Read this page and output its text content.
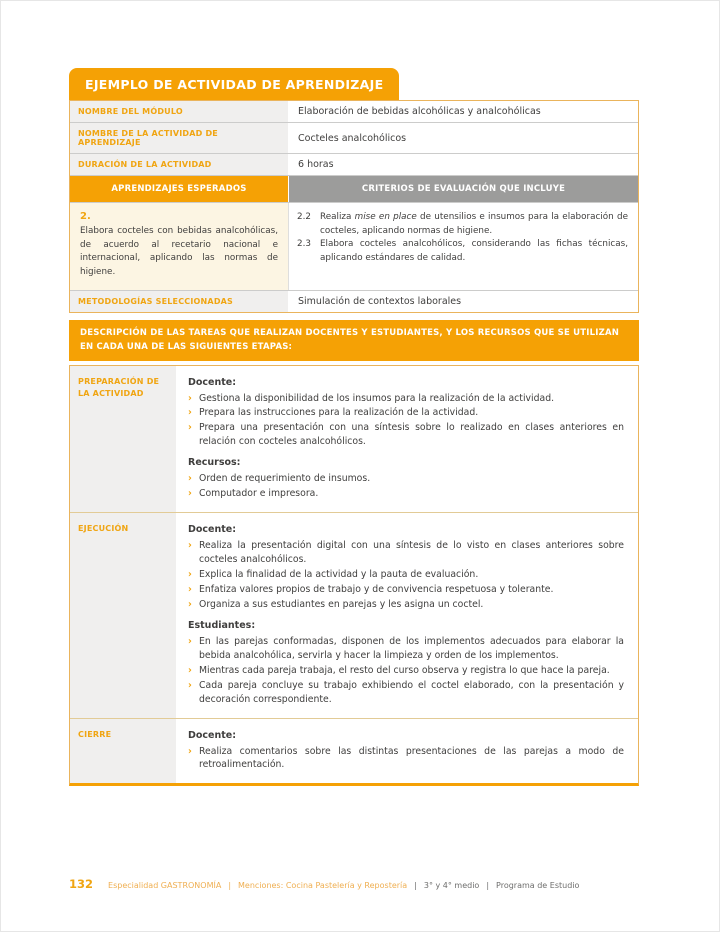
EJEMPLO DE ACTIVIDAD DE APRENDIZAJE
NOMBRE DEL MÓDULO	Elaboración de bebidas alcohólicas y analcohólicas
NOMBRE DE LA ACTIVIDAD DE APRENDIZAJE	Cocteles analcohólicos
DURACIÓN DE LA ACTIVIDAD	6 horas
APRENDIZAJES ESPERADOS	CRITERIOS DE EVALUACIÓN QUE INCLUYE
2.
Elabora cocteles con bebidas analcohólicas, de acuerdo al recetario nacional e internacional, aplicando las normas de higiene.
2.2	Realiza mise en place de utensilios e insumos para la elaboración de cocteles, aplicando normas de higiene.
2.3	Elabora cocteles analcohólicos, considerando las fichas técnicas, aplicando estándares de calidad.
METODOLOGÍAS SELECCIONADAS	Simulación de contextos laborales
DESCRIPCIÓN DE LAS TAREAS QUE REALIZAN DOCENTES Y ESTUDIANTES, Y LOS RECURSOS QUE SE UTILIZAN EN CADA UNA DE LAS SIGUIENTES ETAPAS:
PREPARACIÓN DE LA ACTIVIDAD
Docente:
› Gestiona la disponibilidad de los insumos para la realización de la actividad.
› Prepara las instrucciones para la realización de la actividad.
› Prepara una presentación con una síntesis sobre lo realizado en clases anteriores en relación con cocteles analcohólicos.
Recursos:
› Orden de requerimiento de insumos.
› Computador e impresora.
EJECUCIÓN	Docente:
› Realiza la presentación digital con una síntesis de lo visto en clases anteriores sobre cocteles analcohólicos.
› Explica la finalidad de la actividad y la pauta de evaluación.
› Enfatiza valores propios de trabajo y de convivencia respetuosa y tolerante.
› Organiza a sus estudiantes en parejas y les asigna un coctel.
Estudiantes:
› En las parejas conformadas, disponen de los implementos adecuados para elaborar la bebida analcohólica, servirla y hacer la limpieza y orden de los implementos.
› Mientras cada pareja trabaja, el resto del curso observa y registra lo que hace la pareja.
› Cada pareja concluye su trabajo exhibiendo el coctel elaborado, con la presentación y decoración correspondiente.
CIERRE	Docente:
› Realiza comentarios sobre las distintas presentaciones de las parejas a modo de retroalimentación.
132 Especialidad GASTRONOMÍA | Menciones: Cocina Pastelería y Repostería | 3° y 4° medio | Programa de Estudio
